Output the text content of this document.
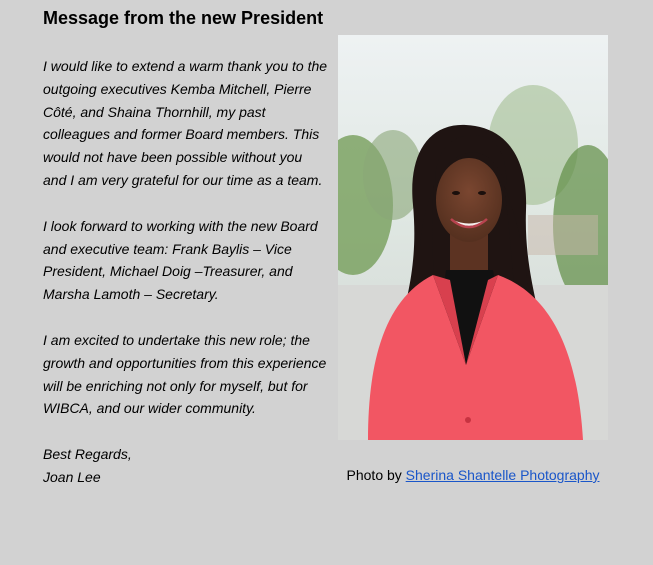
Message from the new President

I would like to extend a warm thank you to the outgoing executives Kemba Mitchell, Pierre Côté, and Shaina Thornhill, my past colleagues and former Board members. This would not have been possible without you and I am very grateful for our time as a team.

I look forward to working with the new Board and executive team: Frank Baylis – Vice President, Michael Doig –Treasurer, and Marsha Lamoth – Secretary.

I am excited to undertake this new role; the growth and opportunities from this experience will be enriching not only for myself, but for WIBCA, and our wider community.

Best Regards,
Joan Lee	Photo by Sherina Shantelle Photography
